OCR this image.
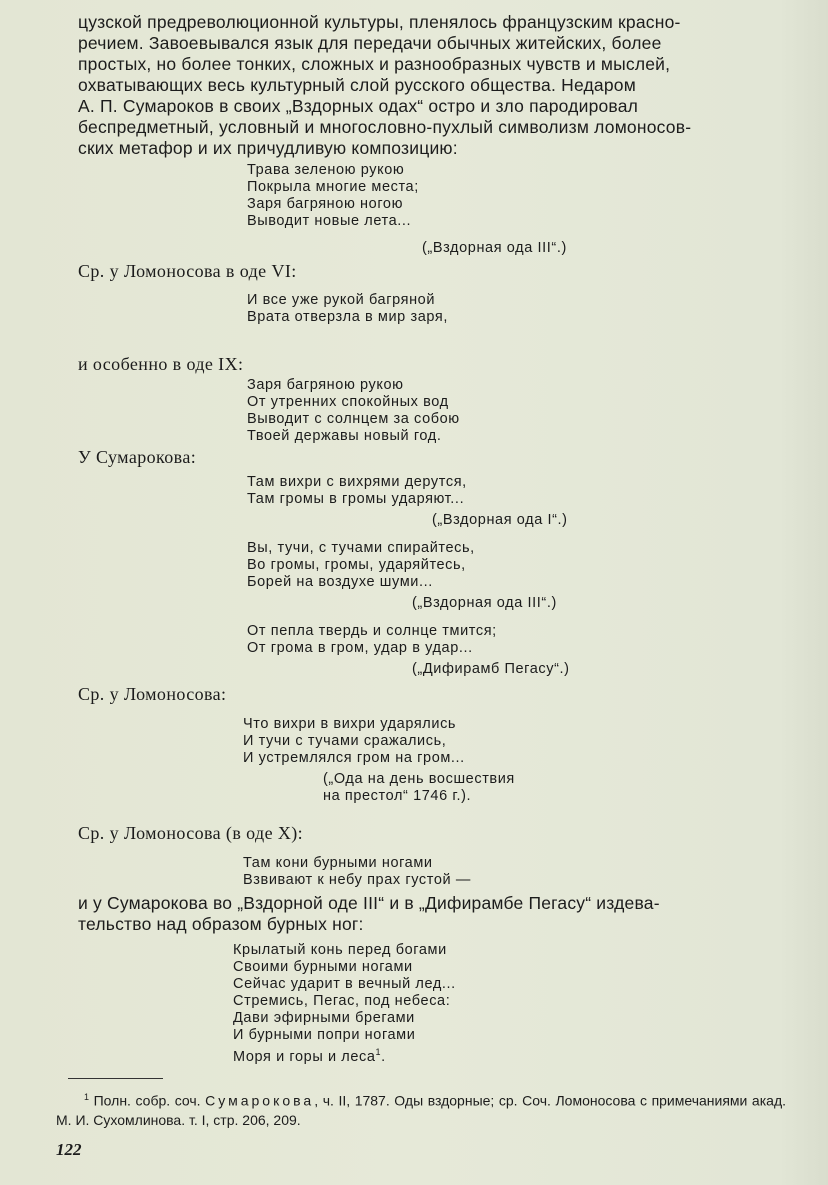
цузской предреволюционной культуры, пленялось французским красно-

речием. Завоевывался язык для передачи обычных житейских, более

простых, но более тонких, сложных и разнообразных чувств и мыслей,

охватывающих весь культурный слой русского общества. Недаром

А. П. Сумароков в своих „Вздорных одах“ остро и зло пародировал

беспредметный, условный и многословно-пухлый символизм ломоносов-

ских метафор и их причудливую композицию:

Трава зеленою рукою
Покрыла многие места;
Заря багряною ногою
Выводит новые лета...
(„Вздорная ода III“.)
Ср. у Ломоносова в оде VI:
И все уже рукой багряной
Врата отверзла в мир заря,
и особенно в оде IX:
Заря багряною рукою
От утренних спокойных вод
Выводит с солнцем за собою
Твоей державы новый год.
У Сумарокова:
Там вихри с вихрями дерутся,
Там громы в громы ударяют...
(„Вздорная ода I“.)
Вы, тучи, с тучами спирайтесь,
Во громы, громы, ударяйтесь,
Борей на воздухе шуми...
(„Вздорная ода III“.)
От пепла твердь и солнце тмится;
От грома в гром, удар в удар...
(„Дифирамб Пегасу“.)
Ср. у Ломоносова:
Что вихри в вихри ударялись
И тучи с тучами сражались,
И устремлялся гром на гром...
(„Ода на день восшествия
на престол“ 1746 г.).
Ср. у Ломоносова (в оде X):
Там кони бурными ногами
Взвивают к небу прах густой —

и у Сумарокова во „Вздорной оде III“ и в „Дифирамбе Пегасу“ издева-

тельство над образом бурных ног:

Крылатый конь перед богами
Своими бурными ногами
Сейчас ударит в вечный лед...
Стремись, Пегас, под небеса:
Дави эфирными брегами
И бурными попри ногами
Моря и горы и леса$^1$.
$^1$ Полн. собр. соч. Сумарокова, ч. II, 1787. Оды вздорные; ср. Соч. Ломоносова с примечаниями акад. М. И. Сухомлинова. т. I, стр. 206, 209.
122
